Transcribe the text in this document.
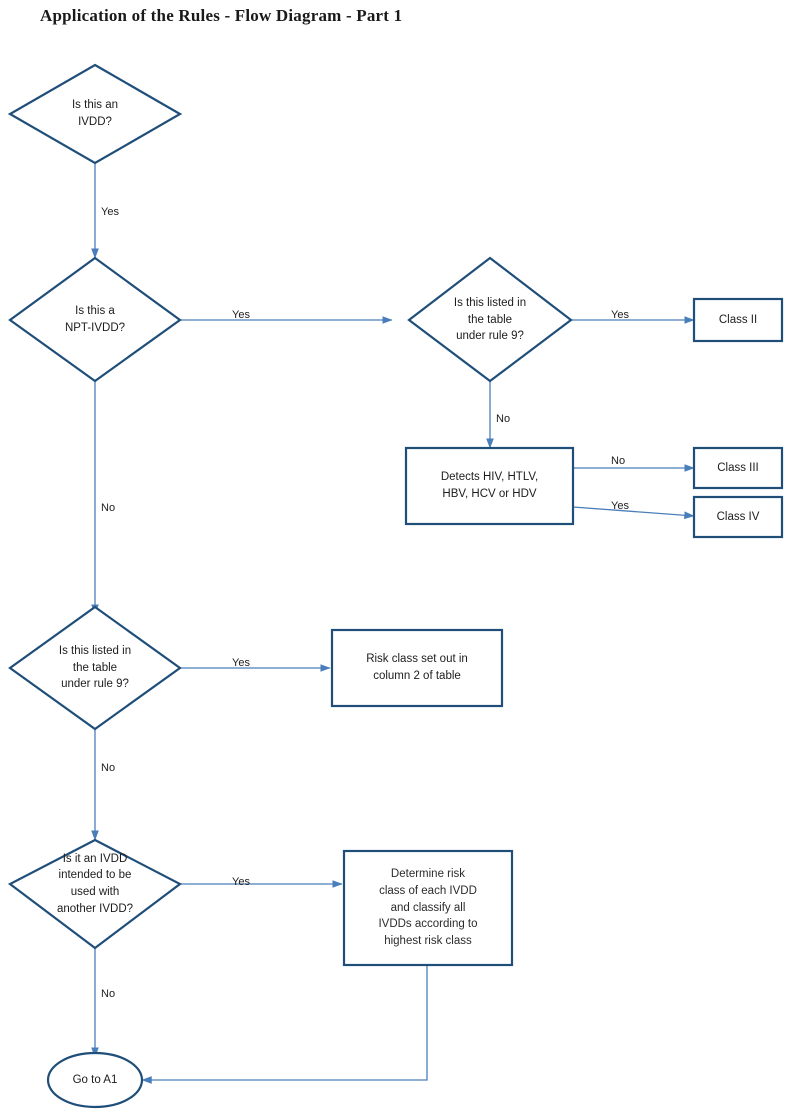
Application of the Rules - Flow Diagram - Part 1
Is this an
IVDD?
Is this a
NPT-IVDD?
Is this listed in
the table
under rule 9?
Class II
Detects HIV, HTLV,
HBV, HCV or HDV
Class III
Class IV
Is this listed in
the table
under rule 9?
Risk class set out in
column 2 of table
Is it an IVDD
intended to be
used with
another IVDD?
Determine risk
class of each IVDD
and classify all
IVDDs according to
highest risk class
Go to A1
Yes
Yes
No
Yes
No
No
Yes
Yes
No
Yes
No
